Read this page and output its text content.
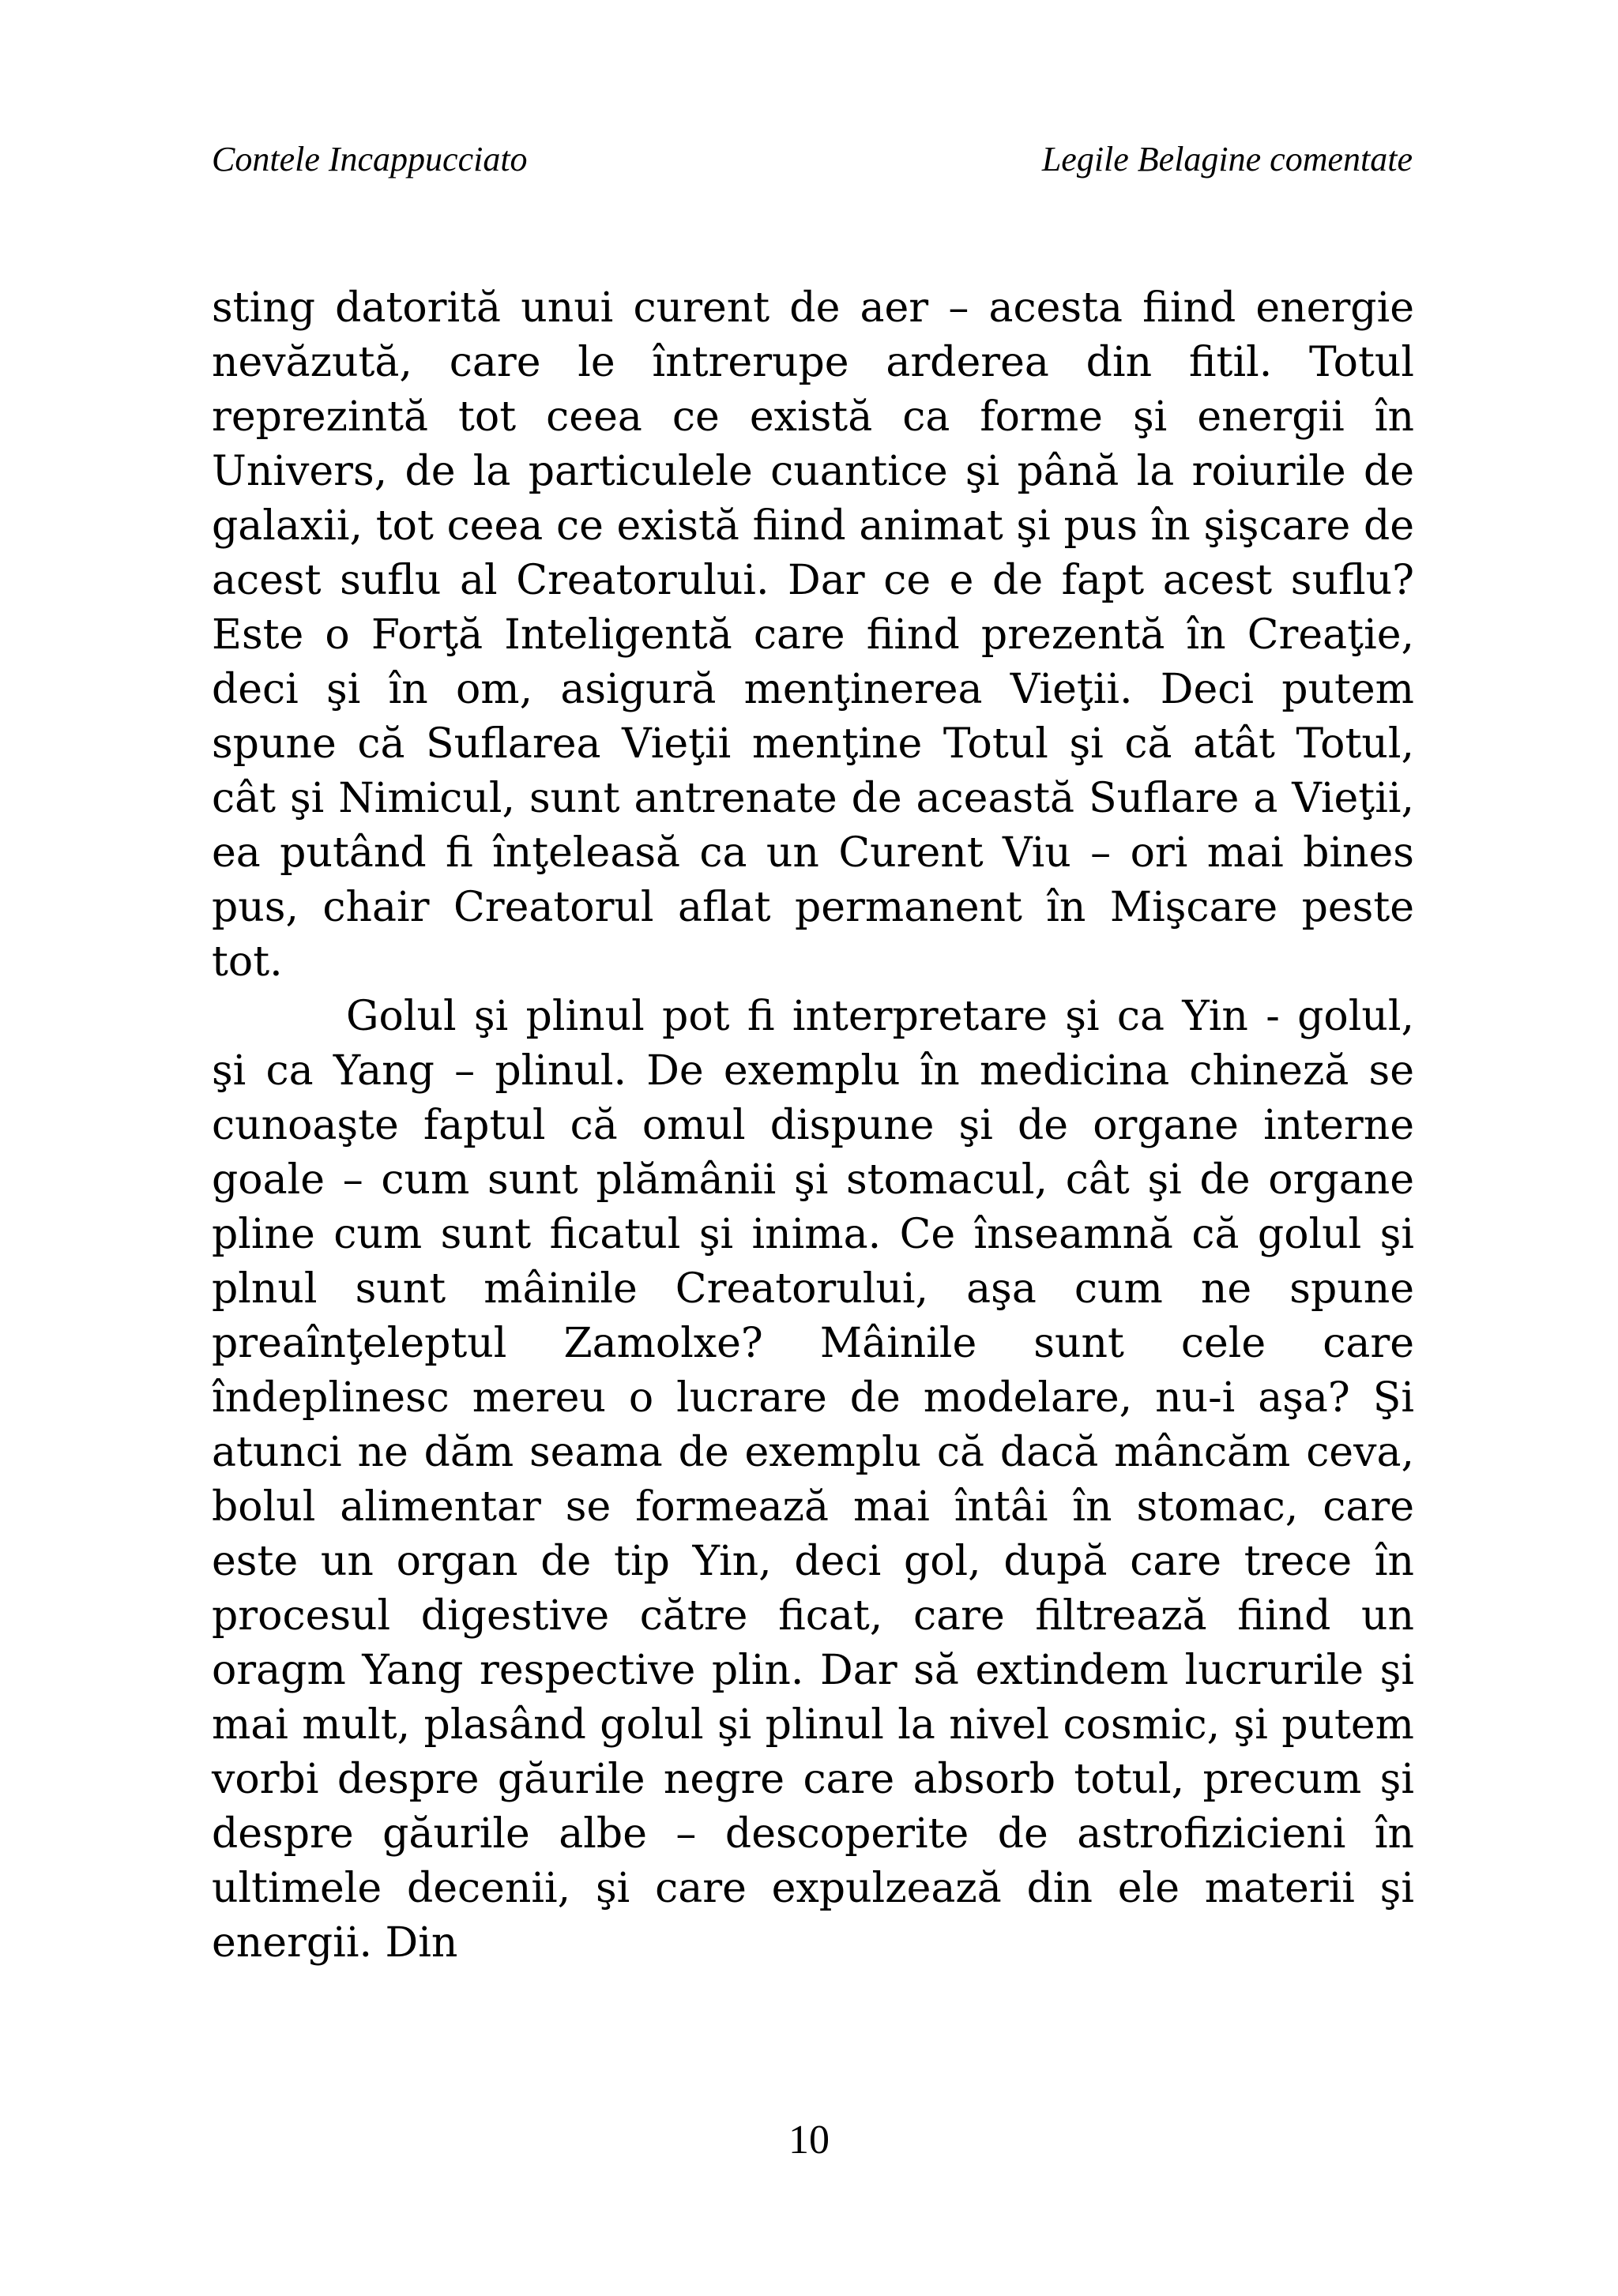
Contele Incappucciato	Legile Belagine comentate

sting datorită unui curent de aer – acesta fiind energie nevăzută, care le întrerupe arderea din fitil. Totul reprezintă tot ceea ce există ca forme şi energii în Univers, de la particulele cuantice şi până la roiurile de galaxii, tot ceea ce există fiind animat şi pus în şişcare de acest suflu al Creatorului. Dar ce e de fapt acest suflu? Este o Forţă Inteligentă care fiind prezentă în Creaţie, deci şi în om, asigură menţinerea Vieţii. Deci putem spune că Suflarea Vieţii menţine Totul şi că atât Totul, cât şi Nimicul, sunt antrenate de această Suflare a Vieţii, ea putând fi înţeleasă ca un Curent Viu – ori mai bines pus, chair Creatorul aflat permanent în Mişcare peste tot.

Golul şi plinul pot fi interpretare şi ca Yin - golul, şi ca Yang – plinul. De exemplu în medicina chineză se cunoaşte faptul că omul dispune şi de organe interne goale – cum sunt plămânii şi stomacul, cât şi de organe pline cum sunt ficatul şi inima. Ce înseamnă că golul şi plnul sunt mâinile Creatorului, aşa cum ne spune preaînţeleptul Zamolxe? Mâinile sunt cele care îndeplinesc mereu o lucrare de modelare, nu-i aşa? Şi atunci ne dăm seama de exemplu că dacă mâncăm ceva, bolul alimentar se formează mai întâi în stomac, care este un organ de tip Yin, deci gol, după care trece în procesul digestive către ficat, care filtrează fiind un oragm Yang respective plin. Dar să extindem lucrurile şi mai mult, plasând golul şi plinul la nivel cosmic, şi putem vorbi despre găurile negre care absorb totul, precum şi despre găurile albe – descoperite de astrofizicieni în ultimele decenii, şi care expulzează din ele materii şi energii. Din

10
